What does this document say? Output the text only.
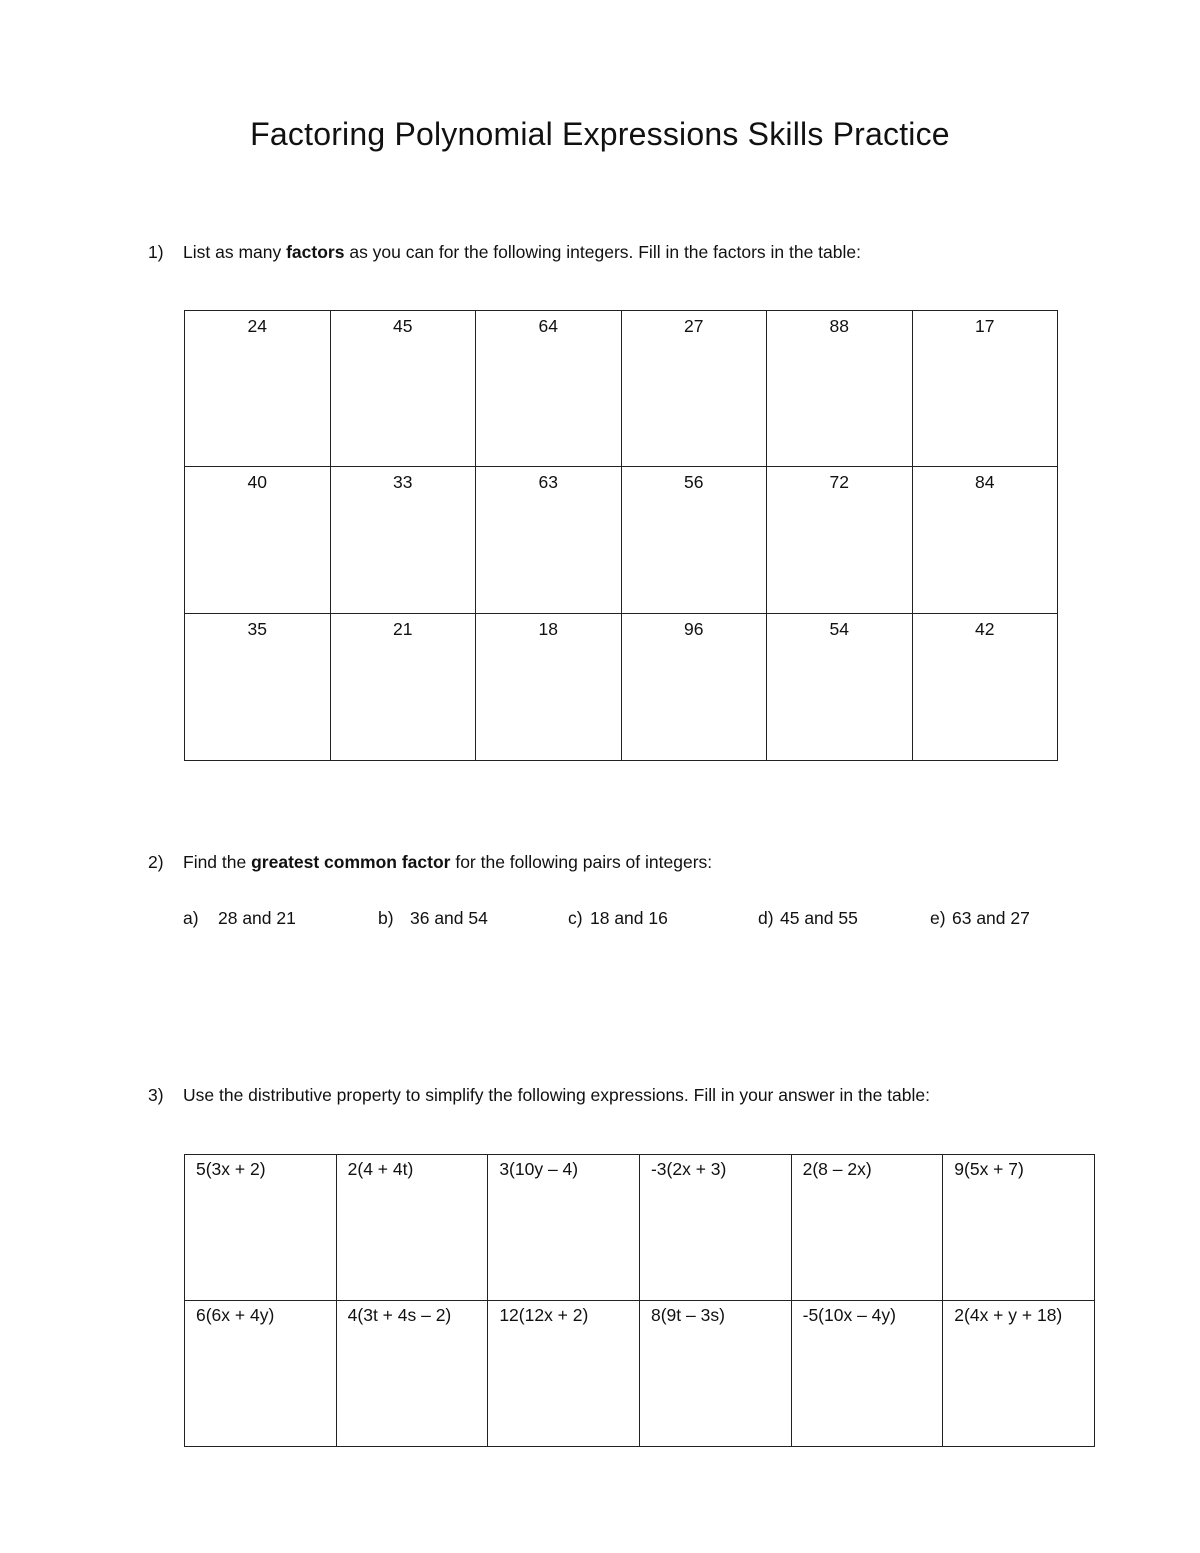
Factoring Polynomial Expressions Skills Practice
1) List as many factors as you can for the following integers. Fill in the factors in the table:
24	45	64	27	88	17
40	33	63	56	72	84
35	21	18	96	54	42
2) Find the greatest common factor for the following pairs of integers:
a) 28 and 21	b) 36 and 54	c) 18 and 16	d) 45 and 55	e) 63 and 27
3) Use the distributive property to simplify the following expressions. Fill in your answer in the table:
5(3x + 2)	2(4 + 4t)	3(10y – 4)	-3(2x + 3)	2(8 – 2x)	9(5x + 7)
6(6x + 4y)	4(3t + 4s – 2)	12(12x + 2)	8(9t – 3s)	-5(10x – 4y)	2(4x + y + 18)
